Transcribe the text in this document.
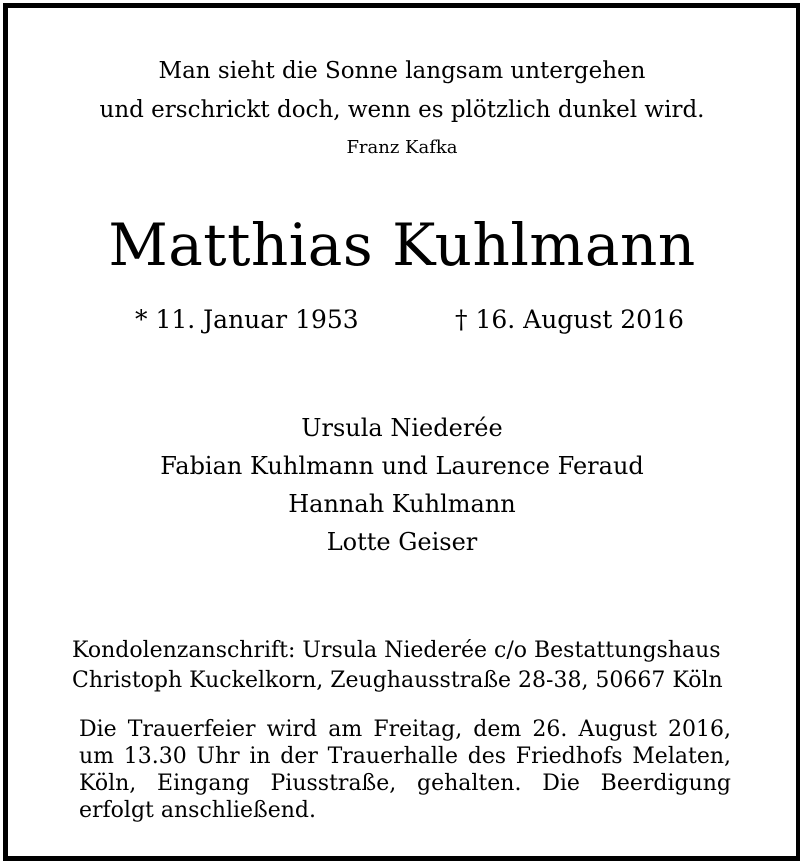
Man sieht die Sonne langsam untergehen
und erschrickt doch, wenn es plötzlich dunkel wird.
Franz Kafka
Matthias Kuhlmann
* 11. Januar 1953	† 16. August 2016
Ursula Niederée
Fabian Kuhlmann und Laurence Feraud
Hannah Kuhlmann
Lotte Geiser
Kondolenzanschrift: Ursula Niederée c/o Bestattungshaus
Christoph Kuckelkorn, Zeughausstraße 28-38, 50667 Köln
Die Trauerfeier wird am Freitag, dem 26. August 2016, um 13.30 Uhr in der Trauerhalle des Friedhofs Melaten, Köln, Eingang Piusstraße, gehalten. Die Beerdigung erfolgt anschließend.
